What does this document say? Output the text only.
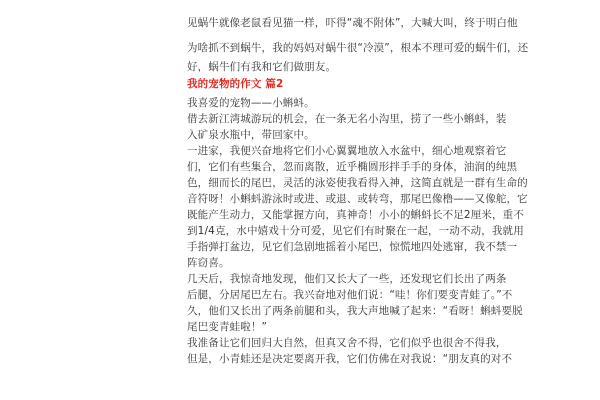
见蜗牛就像老鼠看见猫一样，吓得“魂不附体”，大喊大叫，终于明白他
为啥抓不到蜗牛，我的妈妈对蜗牛很“冷漠”，根本不理可爱的蜗牛们，还
好，蜗牛们有我和它们做朋友。
我的宠物的作文 篇2
我喜爱的宠物——小蝌蚪。
借去新江湾城游玩的机会，在一条无名小沟里，捞了一些小蝌蚪，装
入矿泉水瓶中，带回家中。
一进家，我便兴奋地将它们小心翼翼地放入水盆中，细心地观察着它
们，它们有些集合，忽而离散，近乎椭圆形拌手手的身体，油润的纯黑
色，细而长的尾巴，灵活的泳姿使我看得入神，这简直就是一群有生命的
音符呀！小蝌蚪游泳时或进、或退、或转弯，那尾巴像橹——又像舵，它
既能产生动力，又能掌握方向，真神奇！小小的蝌蚪长不足2厘米，重不
到1/4克，水中嬉戏十分可爱，见它们有时聚在一起，一动不动，我就用
手指弹打盆边，见它们急剧地摇着小尾巴，惊慌地四处逃窜，我不禁一
阵窃喜。
几天后，我惊奇地发现，他们又长大了一些，还发现它们长出了两条
后腿，分居尾巴左右。我兴奋地对他们说：“哇！你们要变青蛙了。”不
久，他们又长出了两条前腿和头，我大声地喊了起来：“看呀！蝌蚪要脱
尾巴变青蛙啦！”
我准备让它们回归大自然，但真又舍不得，它们似乎也很舍不得我，
但是，小青蛙还是决定要离开我，它们仿佛在对我说：“朋友真的对不
